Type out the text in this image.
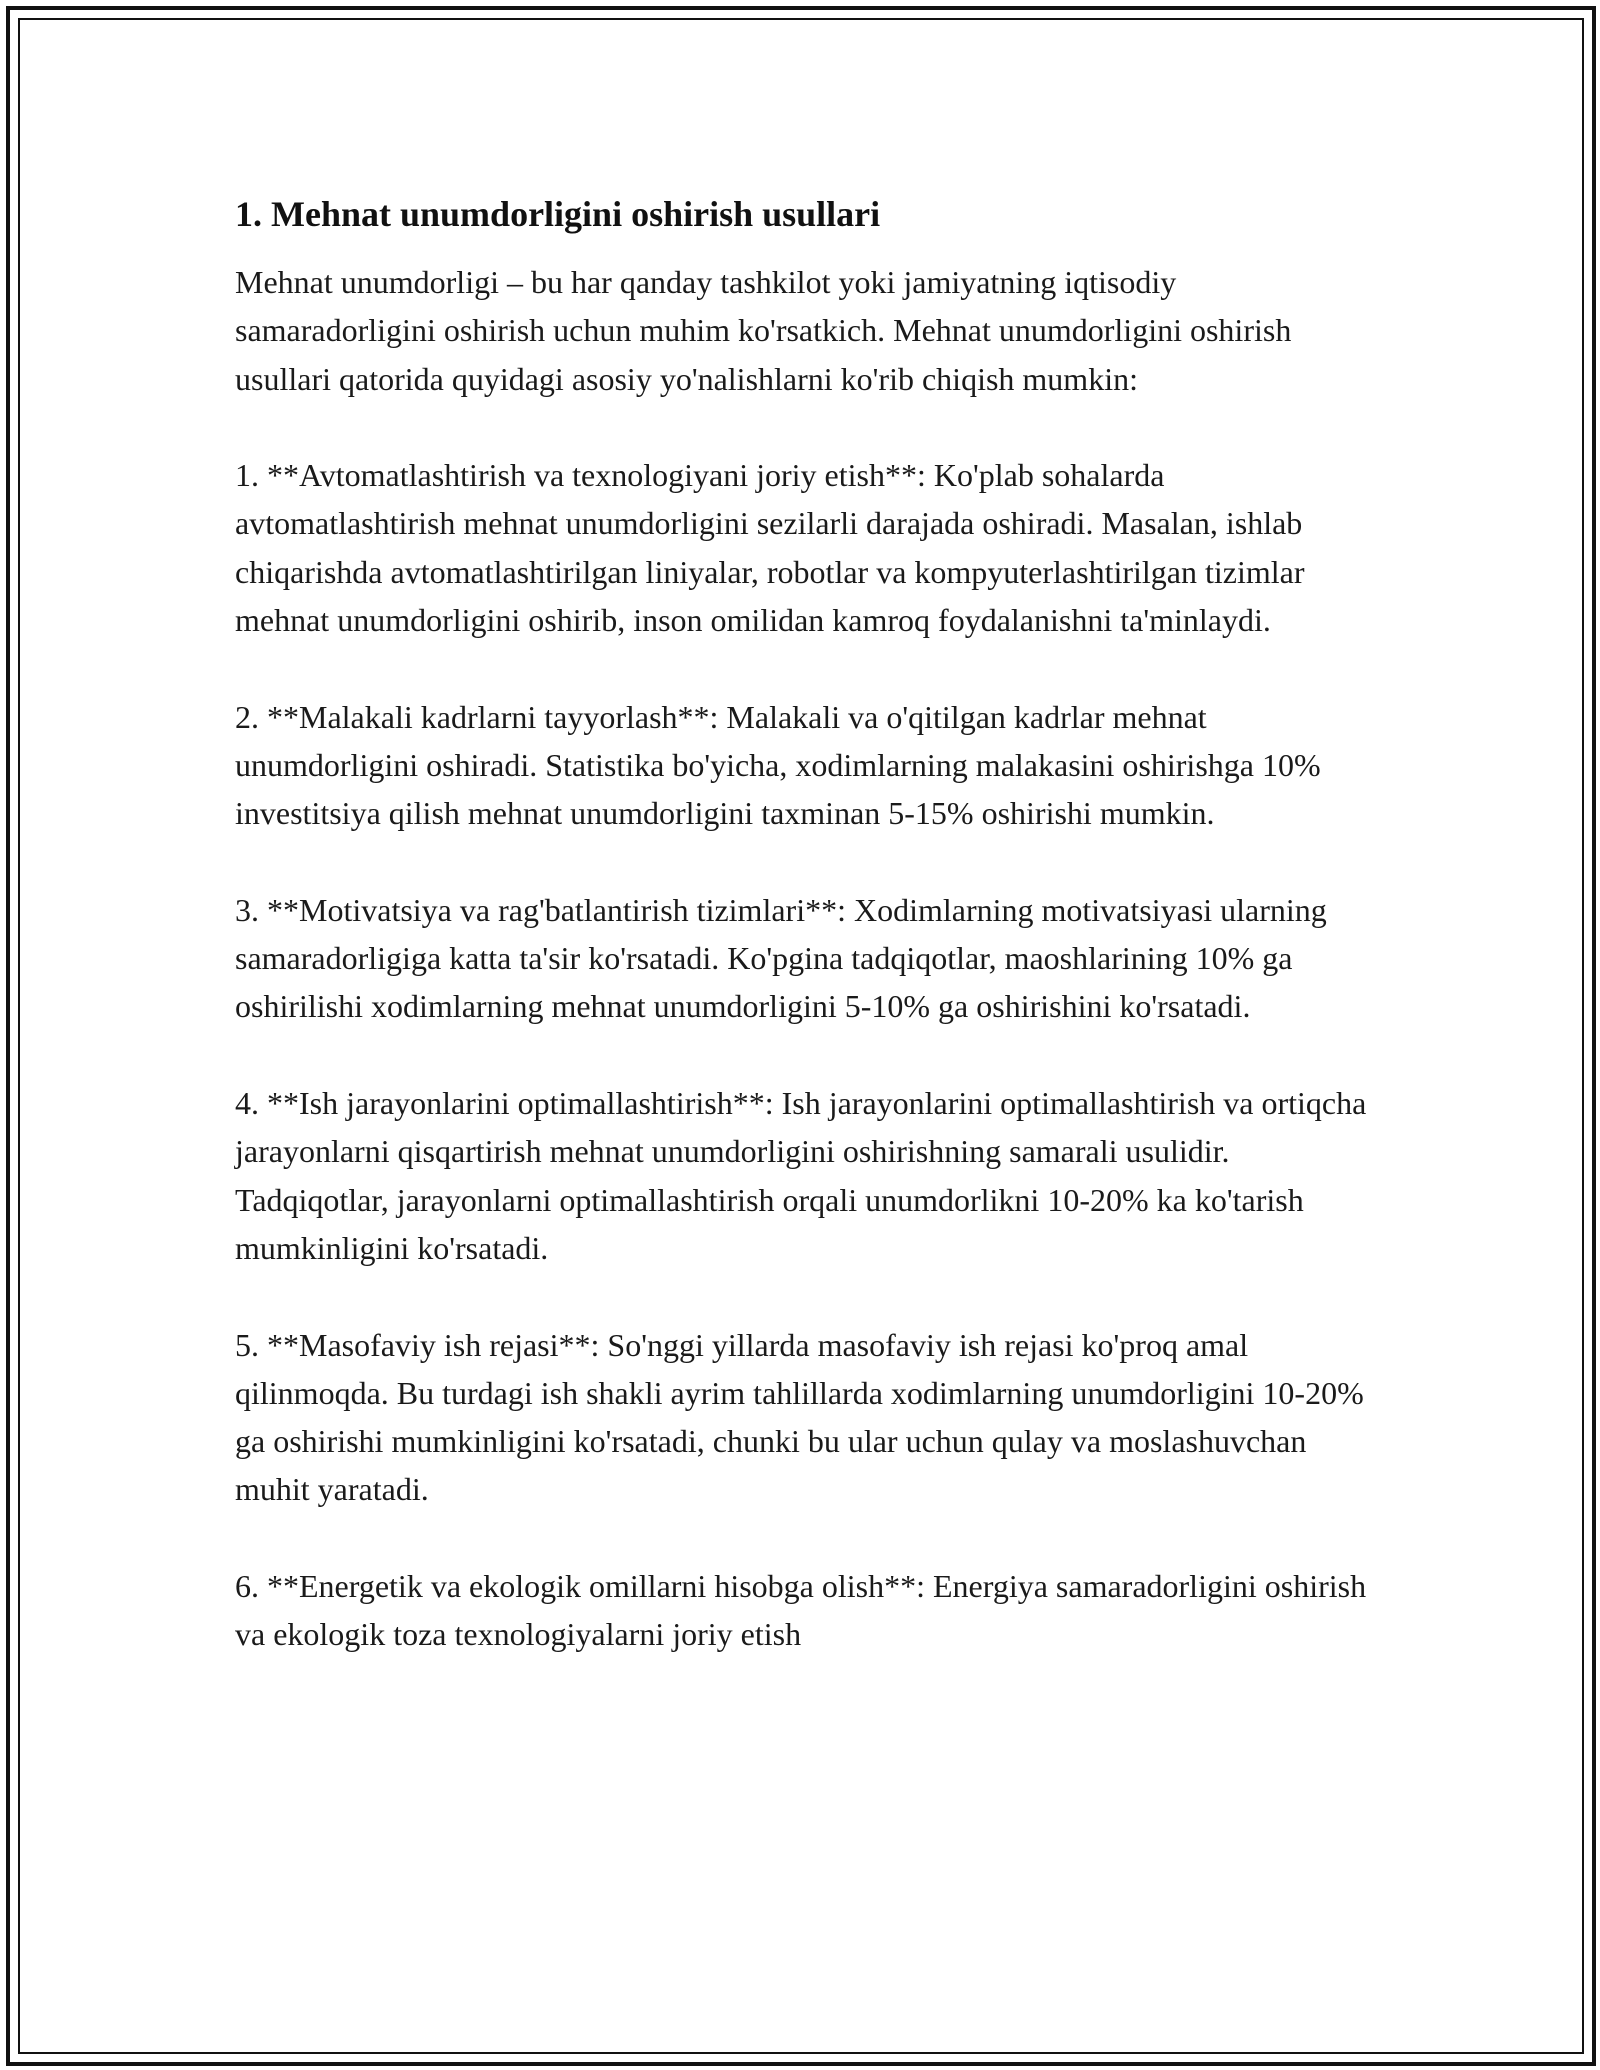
1. Mehnat unumdorligini oshirish usullari

Mehnat unumdorligi – bu har qanday tashkilot yoki jamiyatning iqtisodiy samaradorligini oshirish uchun muhim ko'rsatkich. Mehnat unumdorligini oshirish usullari qatorida quyidagi asosiy yo'nalishlarni ko'rib chiqish mumkin:

1. **Avtomatlashtirish va texnologiyani joriy etish**: Ko'plab sohalarda avtomatlashtirish mehnat unumdorligini sezilarli darajada oshiradi. Masalan, ishlab chiqarishda avtomatlashtirilgan liniyalar, robotlar va kompyuterlashtirilgan tizimlar mehnat unumdorligini oshirib, inson omilidan kamroq foydalanishni ta'minlaydi.

2. **Malakali kadrlarni tayyorlash**: Malakali va o'qitilgan kadrlar mehnat unumdorligini oshiradi. Statistika bo'yicha, xodimlarning malakasini oshirishga 10% investitsiya qilish mehnat unumdorligini taxminan 5-15% oshirishi mumkin.

3. **Motivatsiya va rag'batlantirish tizimlari**: Xodimlarning motivatsiyasi ularning samaradorligiga katta ta'sir ko'rsatadi. Ko'pgina tadqiqotlar, maoshlarining 10% ga oshirilishi xodimlarning mehnat unumdorligini 5-10% ga oshirishini ko'rsatadi.

4. **Ish jarayonlarini optimallashtirish**: Ish jarayonlarini optimallashtirish va ortiqcha jarayonlarni qisqartirish mehnat unumdorligini oshirishning samarali usulidir. Tadqiqotlar, jarayonlarni optimallashtirish orqali unumdorlikni 10-20% ka ko'tarish mumkinligini ko'rsatadi.

5. **Masofaviy ish rejasi**: So'nggi yillarda masofaviy ish rejasi ko'proq amal qilinmoqda. Bu turdagi ish shakli ayrim tahlillarda xodimlarning unumdorligini 10-20% ga oshirishi mumkinligini ko'rsatadi, chunki bu ular uchun qulay va moslashuvchan muhit yaratadi.

6. **Energetik va ekologik omillarni hisobga olish**: Energiya samaradorligini oshirish va ekologik toza texnologiyalarni joriy etish
